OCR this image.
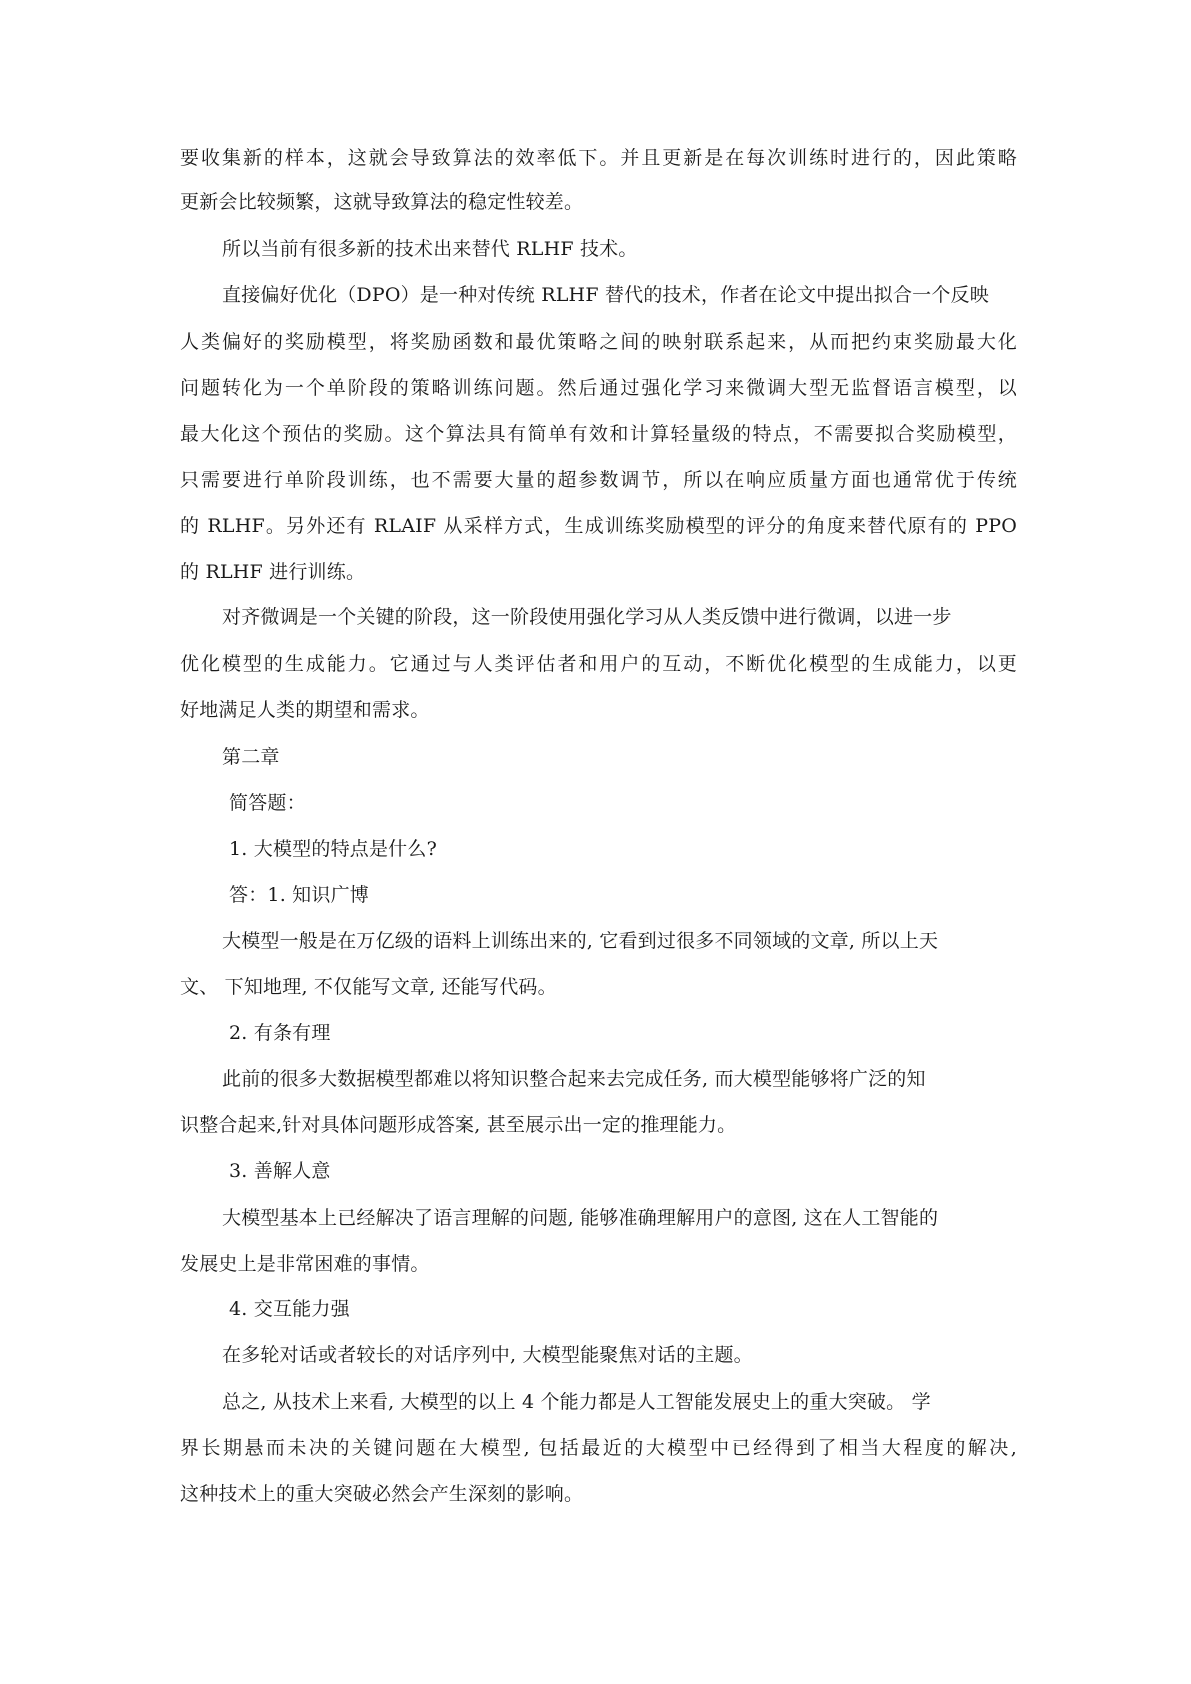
要收集新的样本，这就会导致算法的效率低下。并且更新是在每次训练时进行的，因此策略
更新会比较频繁，这就导致算法的稳定性较差。
所以当前有很多新的技术出来替代 RLHF 技术。
直接偏好优化（DPO）是一种对传统 RLHF 替代的技术，作者在论文中提出拟合一个反映
人类偏好的奖励模型，将奖励函数和最优策略之间的映射联系起来，从而把约束奖励最大化
问题转化为一个单阶段的策略训练问题。然后通过强化学习来微调大型无监督语言模型，以
最大化这个预估的奖励。这个算法具有简单有效和计算轻量级的特点，不需要拟合奖励模型，
只需要进行单阶段训练，也不需要大量的超参数调节，所以在响应质量方面也通常优于传统
的 RLHF。另外还有 RLAIF 从采样方式，生成训练奖励模型的评分的角度来替代原有的 PPO
的 RLHF 进行训练。
对齐微调是一个关键的阶段，这一阶段使用强化学习从人类反馈中进行微调，以进一步
优化模型的生成能力。它通过与人类评估者和用户的互动，不断优化模型的生成能力，以更
好地满足人类的期望和需求。
第二章
简答题：
1. 大模型的特点是什么?
答：1. 知识广博
大模型一般是在万亿级的语料上训练出来的, 它看到过很多不同领域的文章, 所以上天
文、 下知地理, 不仅能写文章, 还能写代码。
2. 有条有理
此前的很多大数据模型都难以将知识整合起来去完成任务, 而大模型能够将广泛的知
识整合起来,针对具体问题形成答案, 甚至展示出一定的推理能力。
3. 善解人意
大模型基本上已经解决了语言理解的问题, 能够准确理解用户的意图, 这在人工智能的
发展史上是非常困难的事情。
4. 交互能力强
在多轮对话或者较长的对话序列中, 大模型能聚焦对话的主题。
总之, 从技术上来看, 大模型的以上 4 个能力都是人工智能发展史上的重大突破。 学
界长期悬而未决的关键问题在大模型, 包括最近的大模型中已经得到了相当大程度的解决,
这种技术上的重大突破必然会产生深刻的影响。
